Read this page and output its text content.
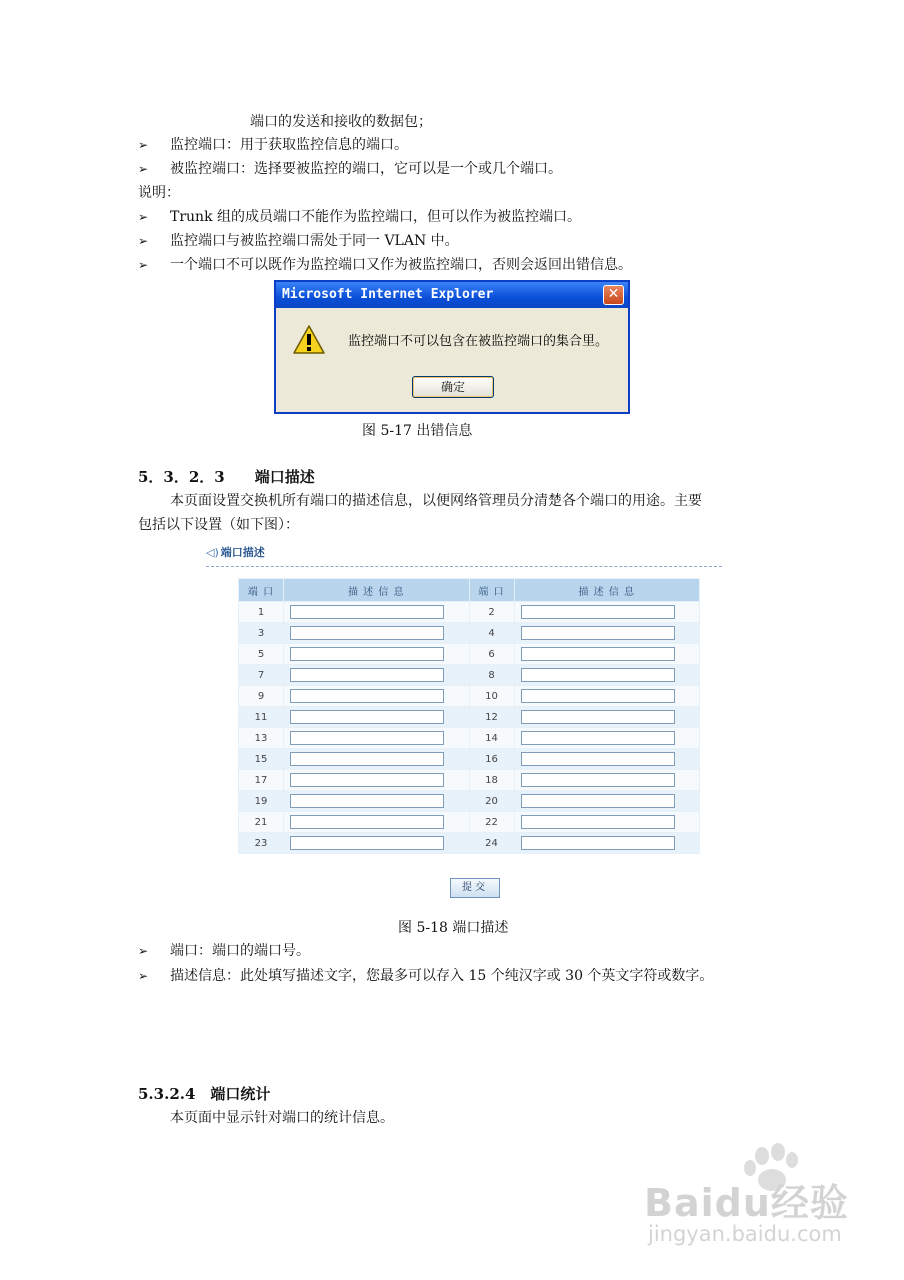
端口的发送和接收的数据包；
➢ 监控端口：用于获取监控信息的端口。
➢ 被监控端口：选择要被监控的端口，它可以是一个或几个端口。
说明：
➢ Trunk 组的成员端口不能作为监控端口，但可以作为被监控端口。
➢ 监控端口与被监控端口需处于同一 VLAN 中。
➢ 一个端口不可以既作为监控端口又作为被监控端口，否则会返回出错信息。
Microsoft Internet Explorer	✕
监控端口不可以包含在被监控端口的集合里。
确定
图 5-17 出错信息
5．3．2．3　　端口描述
本页面设置交换机所有端口的描述信息，以便网络管理员分清楚各个端口的用途。主要
包括以下设置（如下图）：
◁) 端口描述
端 口	描 述 信 息	端 口	描 述 信 息
1		2	

3		4	

5		6	

7		8	

9		10	

11		12	

13		14	

15		16	

17		18	

19		20	

21		22	

23		24	
提交
图 5-18 端口描述
➢ 端口：端口的端口号。
➢ 描述信息：此处填写描述文字，您最多可以存入 15 个纯汉字或 30 个英文字符或数字。
5.3.2.4　端口统计
本页面中显示针对端口的统计信息。
Baidu经验
jingyan.baidu.com
